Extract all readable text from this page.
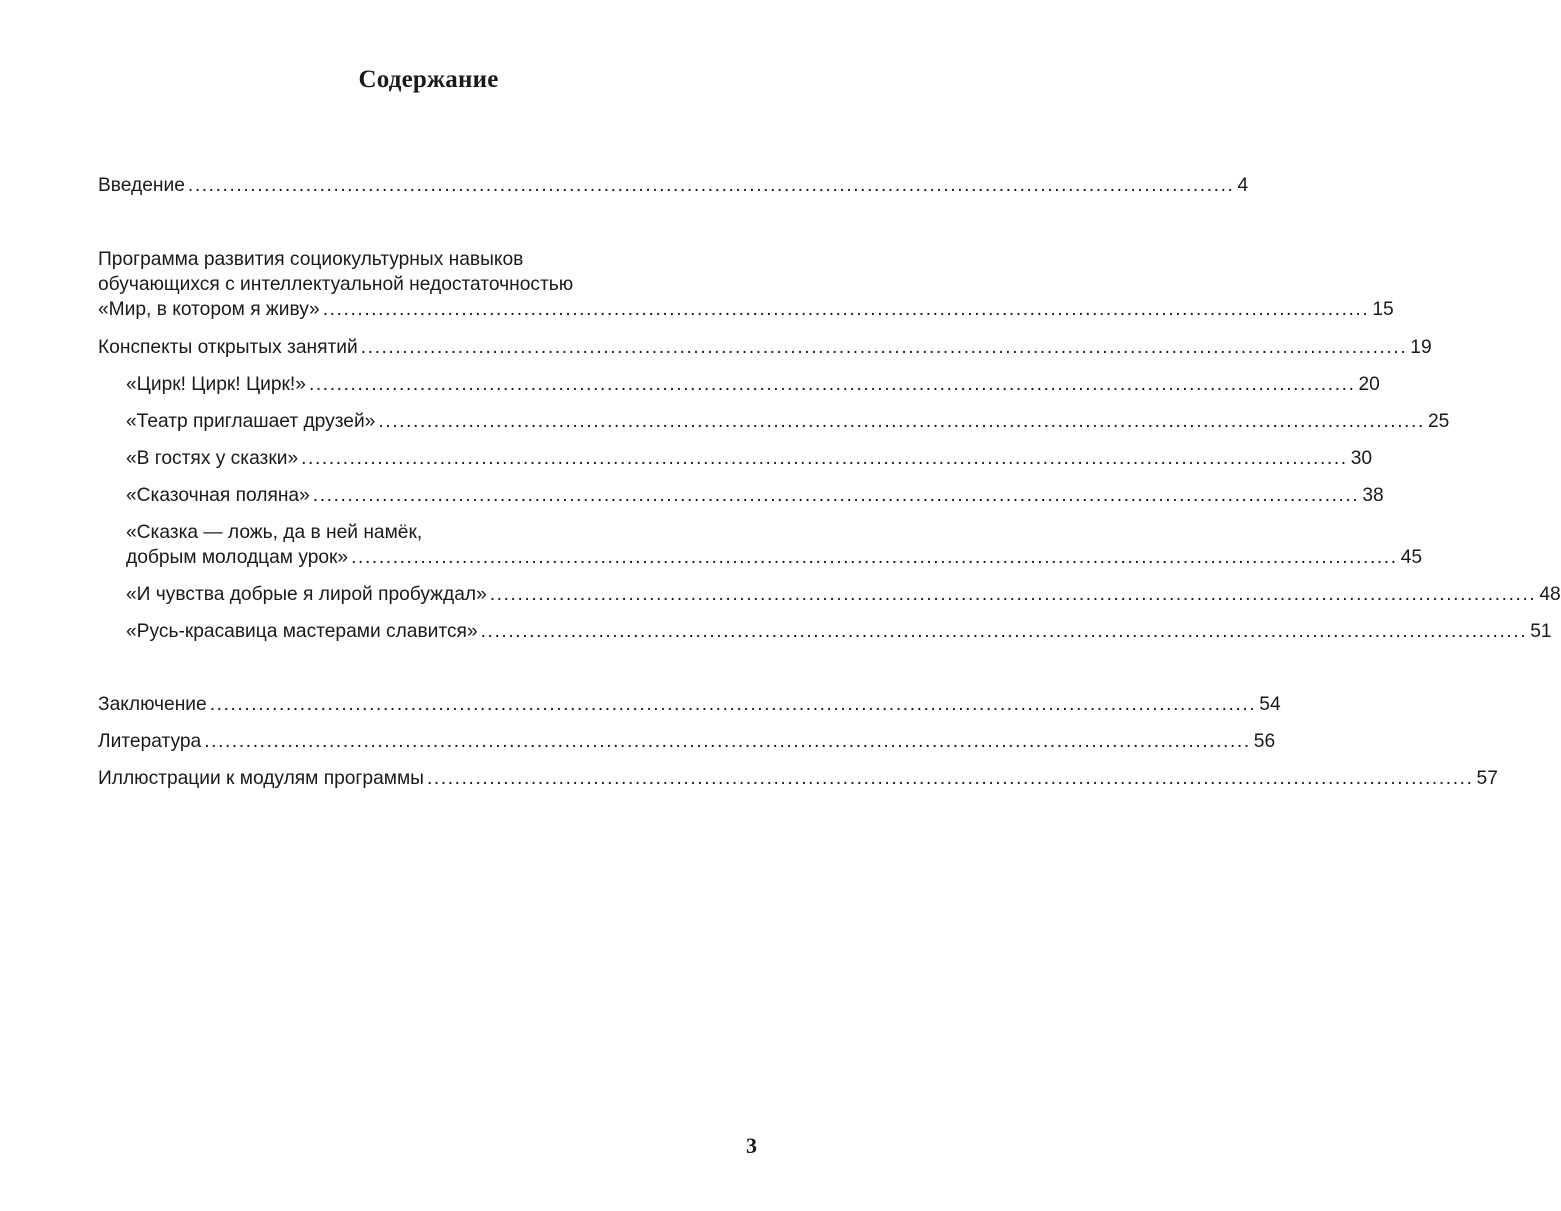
Содержание
Введение ....................................................................................................................................................... 4
Программа развития социокультурных навыков
обучающихся с интеллектуальной недостаточностью
«Мир, в котором я живу» ....................................................................................................................................................... 15
Конспекты открытых занятий ....................................................................................................................................................... 19
«Цирк! Цирк! Цирк!» ....................................................................................................................................................... 20
«Театр приглашает друзей» ....................................................................................................................................................... 25
«В гостях у сказки» ....................................................................................................................................................... 30
«Сказочная поляна» ....................................................................................................................................................... 38
«Сказка — ложь, да в ней намёк,
добрым молодцам урок» ....................................................................................................................................................... 45
«И чувства добрые я лирой пробуждал» ....................................................................................................................................................... 48
«Русь-красавица мастерами славится» ....................................................................................................................................................... 51
Заключение ....................................................................................................................................................... 54
Литература ....................................................................................................................................................... 56
Иллюстрации к модулям программы ....................................................................................................................................................... 57
3
